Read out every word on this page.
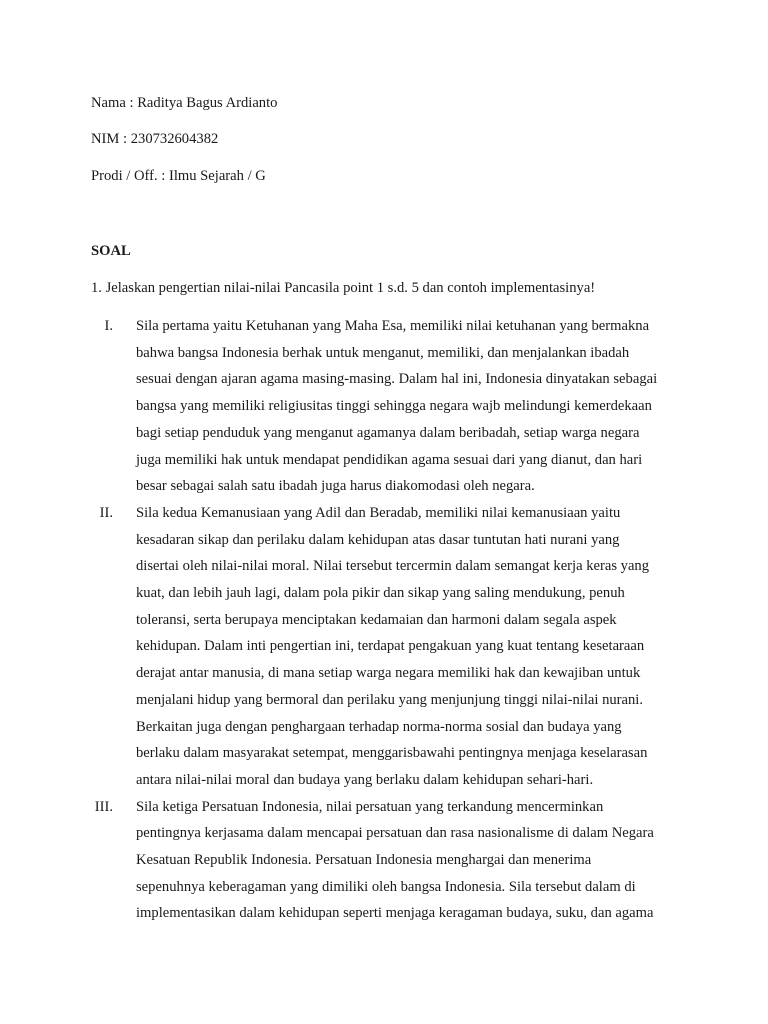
Nama : Raditya Bagus Ardianto
NIM : 230732604382
Prodi / Off. : Ilmu Sejarah / G
SOAL
1. Jelaskan pengertian nilai-nilai Pancasila point 1 s.d. 5 dan contoh implementasinya!
I. Sila pertama yaitu Ketuhanan yang Maha Esa, memiliki nilai ketuhanan yang bermakna
bahwa bangsa Indonesia berhak untuk menganut, memiliki, dan menjalankan ibadah
sesuai dengan ajaran agama masing-masing. Dalam hal ini, Indonesia dinyatakan sebagai
bangsa yang memiliki religiusitas tinggi sehingga negara wajb melindungi kemerdekaan
bagi setiap penduduk yang menganut agamanya dalam beribadah, setiap warga negara
juga memiliki hak untuk mendapat pendidikan agama sesuai dari yang dianut, dan hari
besar sebagai salah satu ibadah juga harus diakomodasi oleh negara.
II. Sila kedua Kemanusiaan yang Adil dan Beradab, memiliki nilai kemanusiaan yaitu
kesadaran sikap dan perilaku dalam kehidupan atas dasar tuntutan hati nurani yang
disertai oleh nilai-nilai moral. Nilai tersebut tercermin dalam semangat kerja keras yang
kuat, dan lebih jauh lagi, dalam pola pikir dan sikap yang saling mendukung, penuh
toleransi, serta berupaya menciptakan kedamaian dan harmoni dalam segala aspek
kehidupan. Dalam inti pengertian ini, terdapat pengakuan yang kuat tentang kesetaraan
derajat antar manusia, di mana setiap warga negara memiliki hak dan kewajiban untuk
menjalani hidup yang bermoral dan perilaku yang menjunjung tinggi nilai-nilai nurani.
Berkaitan juga dengan penghargaan terhadap norma-norma sosial dan budaya yang
berlaku dalam masyarakat setempat, menggarisbawahi pentingnya menjaga keselarasan
antara nilai-nilai moral dan budaya yang berlaku dalam kehidupan sehari-hari.
III. Sila ketiga Persatuan Indonesia, nilai persatuan yang terkandung mencerminkan
pentingnya kerjasama dalam mencapai persatuan dan rasa nasionalisme di dalam Negara
Kesatuan Republik Indonesia. Persatuan Indonesia menghargai dan menerima
sepenuhnya keberagaman yang dimiliki oleh bangsa Indonesia. Sila tersebut dalam di
implementasikan dalam kehidupan seperti menjaga keragaman budaya, suku, dan agama
